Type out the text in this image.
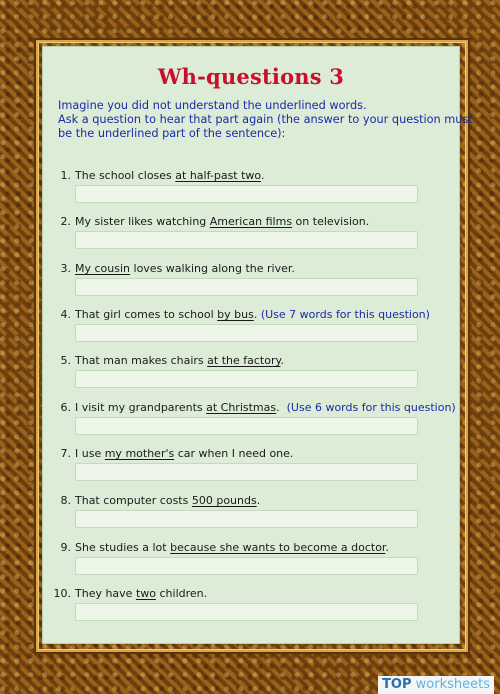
Wh-questions 3
Imagine you did not understand the underlined words.
Ask a question to hear that part again (the answer to your question must
be the underlined part of the sentence):
1. The school closes at half-past two.
2. My sister likes watching American films on television.
3. My cousin loves walking along the river.
4. That girl comes to school by bus. (Use 7 words for this question)
5. That man makes chairs at the factory.
6. I visit my grandparents at Christmas.  (Use 6 words for this question)
7. I use my mother's car when I need one.
8. That computer costs 500 pounds.
9. She studies a lot because she wants to become a doctor.
10. They have two children.
TOP worksheets
